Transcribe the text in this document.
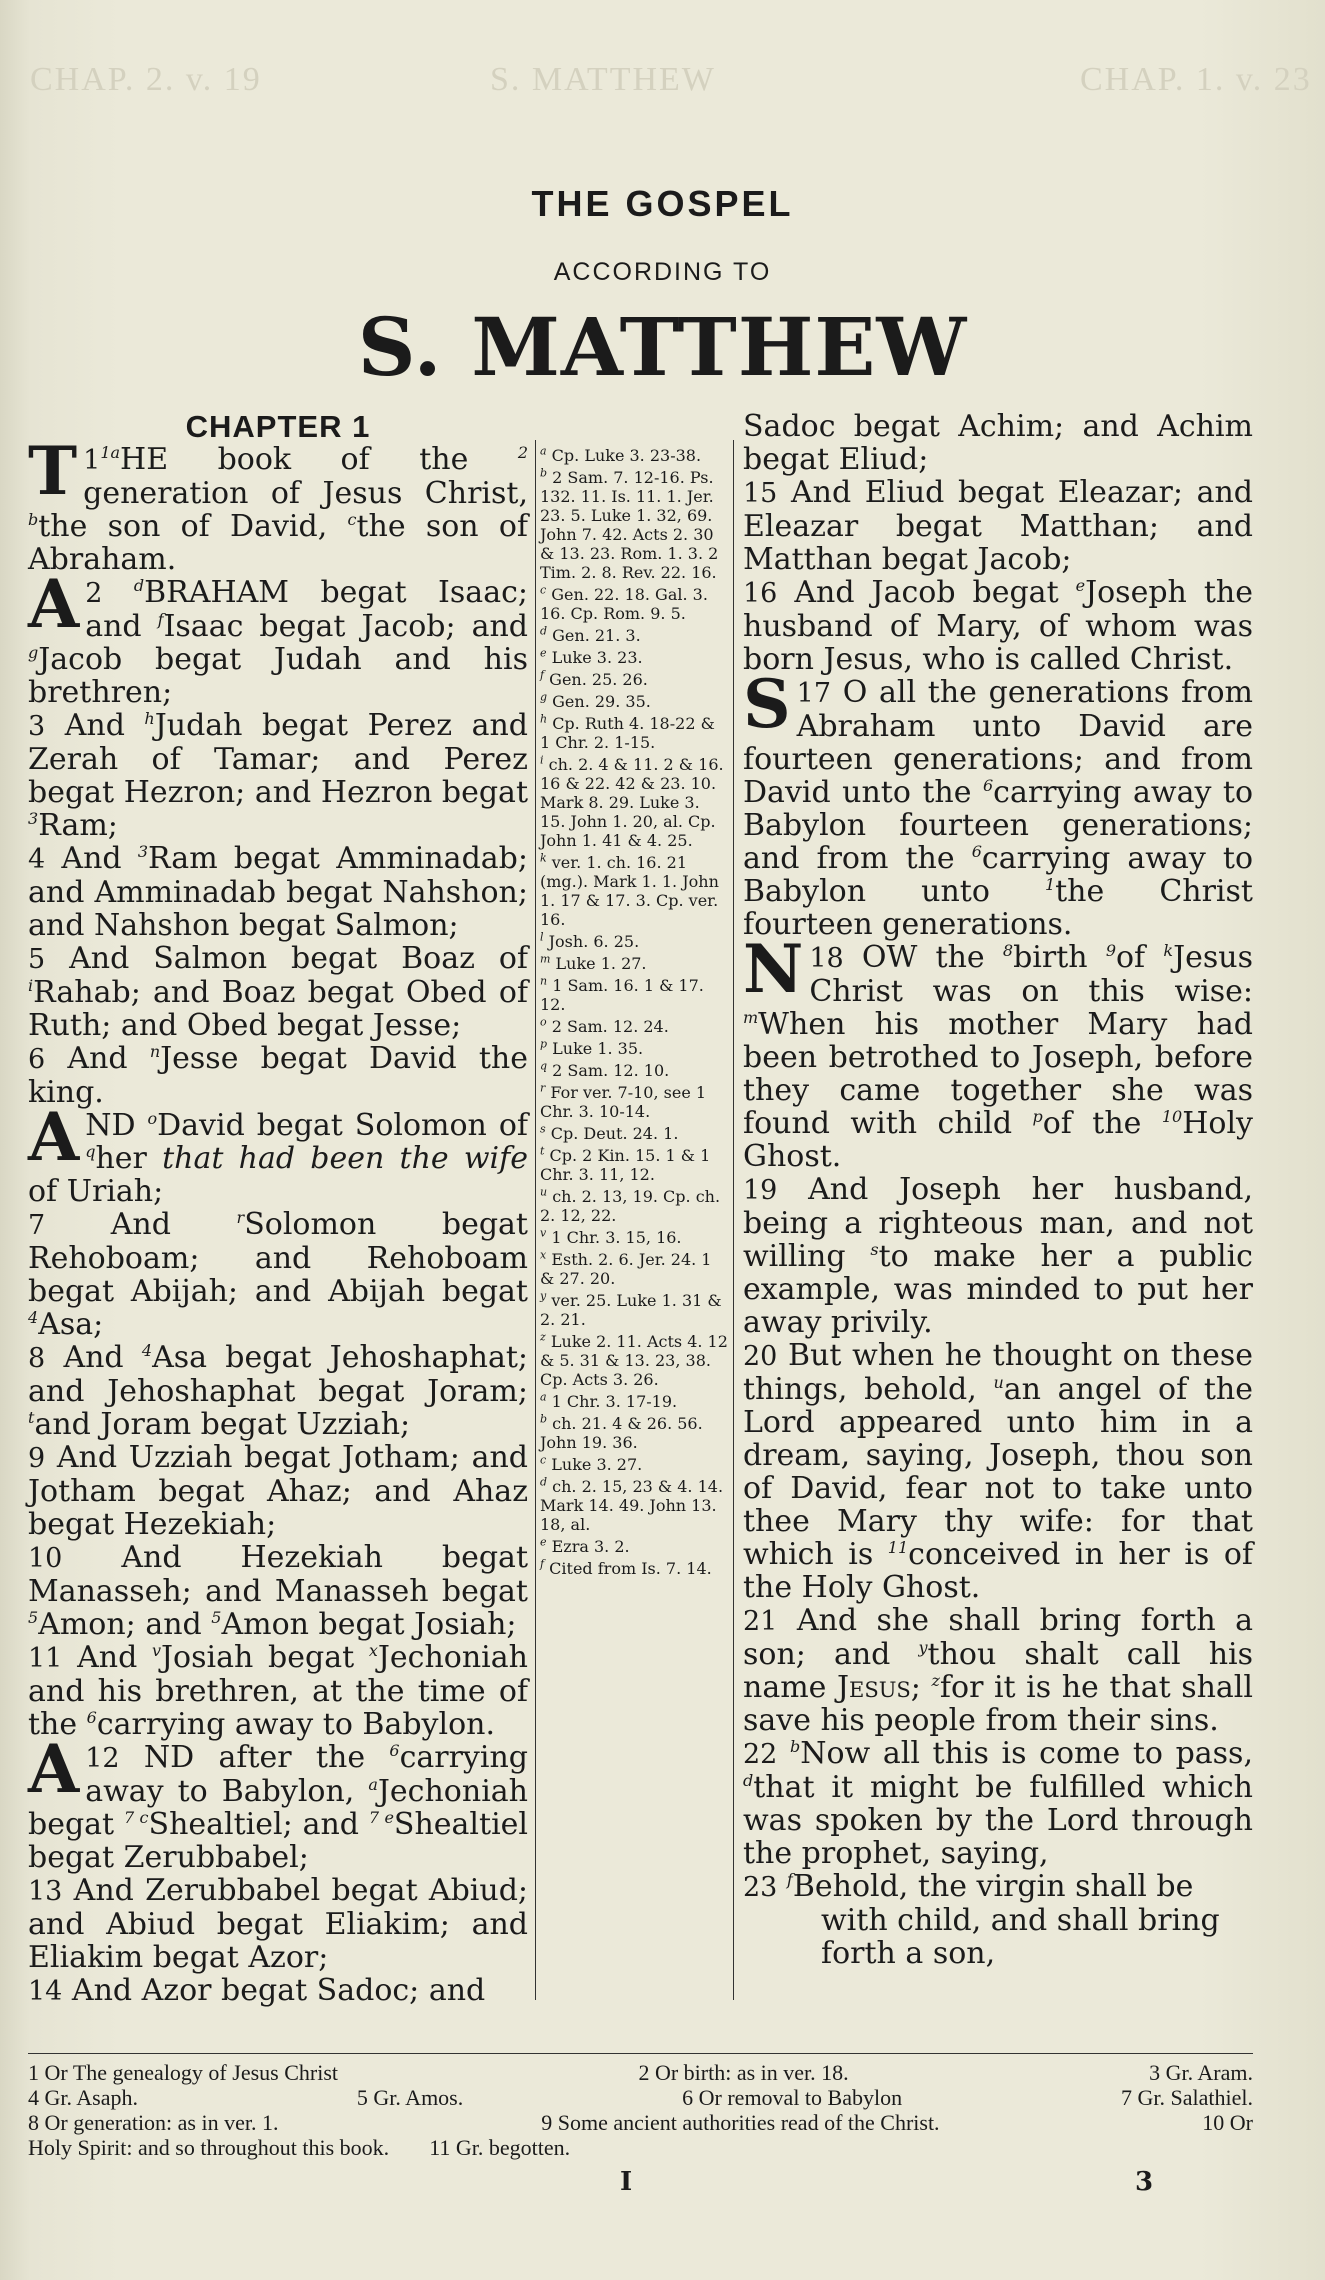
CHAP. 2. v. 19	S. MATTHEW	CHAP. 1. v. 23
THE GOSPEL
ACCORDING TO
S. MATTHEW
CHAPTER 1

$1^{1a}$
T HE book of the $^2$ generation of Jesus Christ, $^b$the son of David, $^c$the son of Abraham.

2 $^d$
A BRAHAM begat Isaac; and $^f$Isaac begat Jacob; and $^g$Jacob begat Judah and his brethren;

3 And $^h$Judah begat Perez and Zerah of Tamar; and Perez begat Hezron; and Hezron begat $^3$Ram;

4 And $^3$Ram begat Amminadab; and Amminadab begat Nahshon; and Nahshon begat Salmon;

5 And Salmon begat Boaz of $^i$Rahab; and Boaz begat Obed of Ruth; and Obed begat Jesse;

6 And $^n$Jesse begat David the king.

AND $^o$David begat Solomon of $^q$her that had been the wife of Uriah;

7 And $^r$Solomon begat Rehoboam; and Rehoboam begat Abijah; and Abijah begat $^4$Asa;

8 And $^4$Asa begat Jehoshaphat; and Jehoshaphat begat Joram; $^t$and Joram begat Uzziah;

9 And Uzziah begat Jotham; and Jotham begat Ahaz; and Ahaz begat Hezekiah;

10 And Hezekiah begat Manasseh; and Manasseh begat $^5$Amon; and $^5$Amon begat Josiah;

11 And $^v$Josiah begat $^x$Jechoniah and his brethren, at the time of the $^6$carrying away to Babylon.

12
A ND after the $^6$carrying away to Babylon, $^a$Jechoniah begat $^{7 c}$Shealtiel; and $^{7 e}$Shealtiel begat Zerubbabel;

13 And Zerubbabel begat Abiud; and Abiud begat Eliakim; and Eliakim begat Azor;

14 And Azor begat Sadoc; and

$^a$ Cp. Luke 3. 23-38.

$^b$ 2 Sam. 7. 12-16. Ps. 132. 11. Is. 11. 1. Jer. 23. 5. Luke 1. 32, 69. John 7. 42. Acts 2. 30 & 13. 23. Rom. 1. 3. 2 Tim. 2. 8. Rev. 22. 16.

$^c$ Gen. 22. 18. Gal. 3. 16. Cp. Rom. 9. 5.

$^d$ Gen. 21. 3.

$^e$ Luke 3. 23.

$^f$ Gen. 25. 26.

$^g$ Gen. 29. 35.

$^h$ Cp. Ruth 4. 18-22 & 1 Chr. 2. 1-15.

$^i$ ch. 2. 4 & 11. 2 & 16. 16 & 22. 42 & 23. 10. Mark 8. 29. Luke 3. 15. John 1. 20, al. Cp. John 1. 41 & 4. 25.

$^k$ ver. 1. ch. 16. 21 (mg.). Mark 1. 1. John 1. 17 & 17. 3. Cp. ver. 16.

$^l$ Josh. 6. 25.

$^m$ Luke 1. 27.

$^n$ 1 Sam. 16. 1 & 17. 12.

$^o$ 2 Sam. 12. 24.

$^p$ Luke 1. 35.

$^q$ 2 Sam. 12. 10.

$^r$ For ver. 7-10, see 1 Chr. 3. 10-14.

$^s$ Cp. Deut. 24. 1.

$^t$ Cp. 2 Kin. 15. 1 & 1 Chr. 3. 11, 12.

$^u$ ch. 2. 13, 19. Cp. ch. 2. 12, 22.

$^v$ 1 Chr. 3. 15, 16.

$^x$ Esth. 2. 6. Jer. 24. 1 & 27. 20.

$^y$ ver. 25. Luke 1. 31 & 2. 21.

$^z$ Luke 2. 11. Acts 4. 12 & 5. 31 & 13. 23, 38. Cp. Acts 3. 26.

$^a$ 1 Chr. 3. 17-19.

$^b$ ch. 21. 4 & 26. 56. John 19. 36.

$^c$ Luke 3. 27.

$^d$ ch. 2. 15, 23 & 4. 14. Mark 14. 49. John 13. 18, al.

$^e$ Ezra 3. 2.

$^f$ Cited from Is. 7. 14.

Sadoc begat Achim; and Achim begat Eliud;

15 And Eliud begat Eleazar; and Eleazar begat Matthan; and Matthan begat Jacob;

16 And Jacob begat $^e$Joseph the husband of Mary, of whom was born Jesus, who is called Christ.

17
S O all the generations from Abraham unto David are fourteen generations; and from David unto the $^6$carrying away to Babylon fourteen generations; and from the $^6$carrying away to Babylon unto $^1$the Christ fourteen generations.

18
N OW the $^8$birth $^9$of $^k$Jesus Christ was on this wise: $^m$When his mother Mary had been betrothed to Joseph, before they came together she was found with child $^p$of the $^{10}$Holy Ghost.

19 And Joseph her husband, being a righteous man, and not willing $^s$to make her a public example, was minded to put her away privily.

20 But when he thought on these things, behold, $^u$an angel of the Lord appeared unto him in a dream, saying, Joseph, thou son of David, fear not to take unto thee Mary thy wife: for that which is $^{11}$conceived in her is of the Holy Ghost.

21 And she shall bring forth a son; and $^y$thou shalt call his name Jesus; $^z$for it is he that shall save his people from their sins.

22 $^b$Now all this is come to pass, $^d$that it might be fulfilled which was spoken by the Lord through the prophet, saying,

23 $^f$Behold, the virgin shall be
with child, and shall bring
forth a son,

1 Or The genealogy of Jesus Christ	2 Or birth: as in ver. 18.	3 Gr. Aram.
4 Gr. Asaph.	5 Gr. Amos.	6 Or removal to Babylon	7 Gr. Salathiel.
8 Or generation: as in ver. 1.	9 Some ancient authorities read of the Christ.	10 Or
Holy Spirit: and so throughout this book. 11 Gr. begotten.
I	3
